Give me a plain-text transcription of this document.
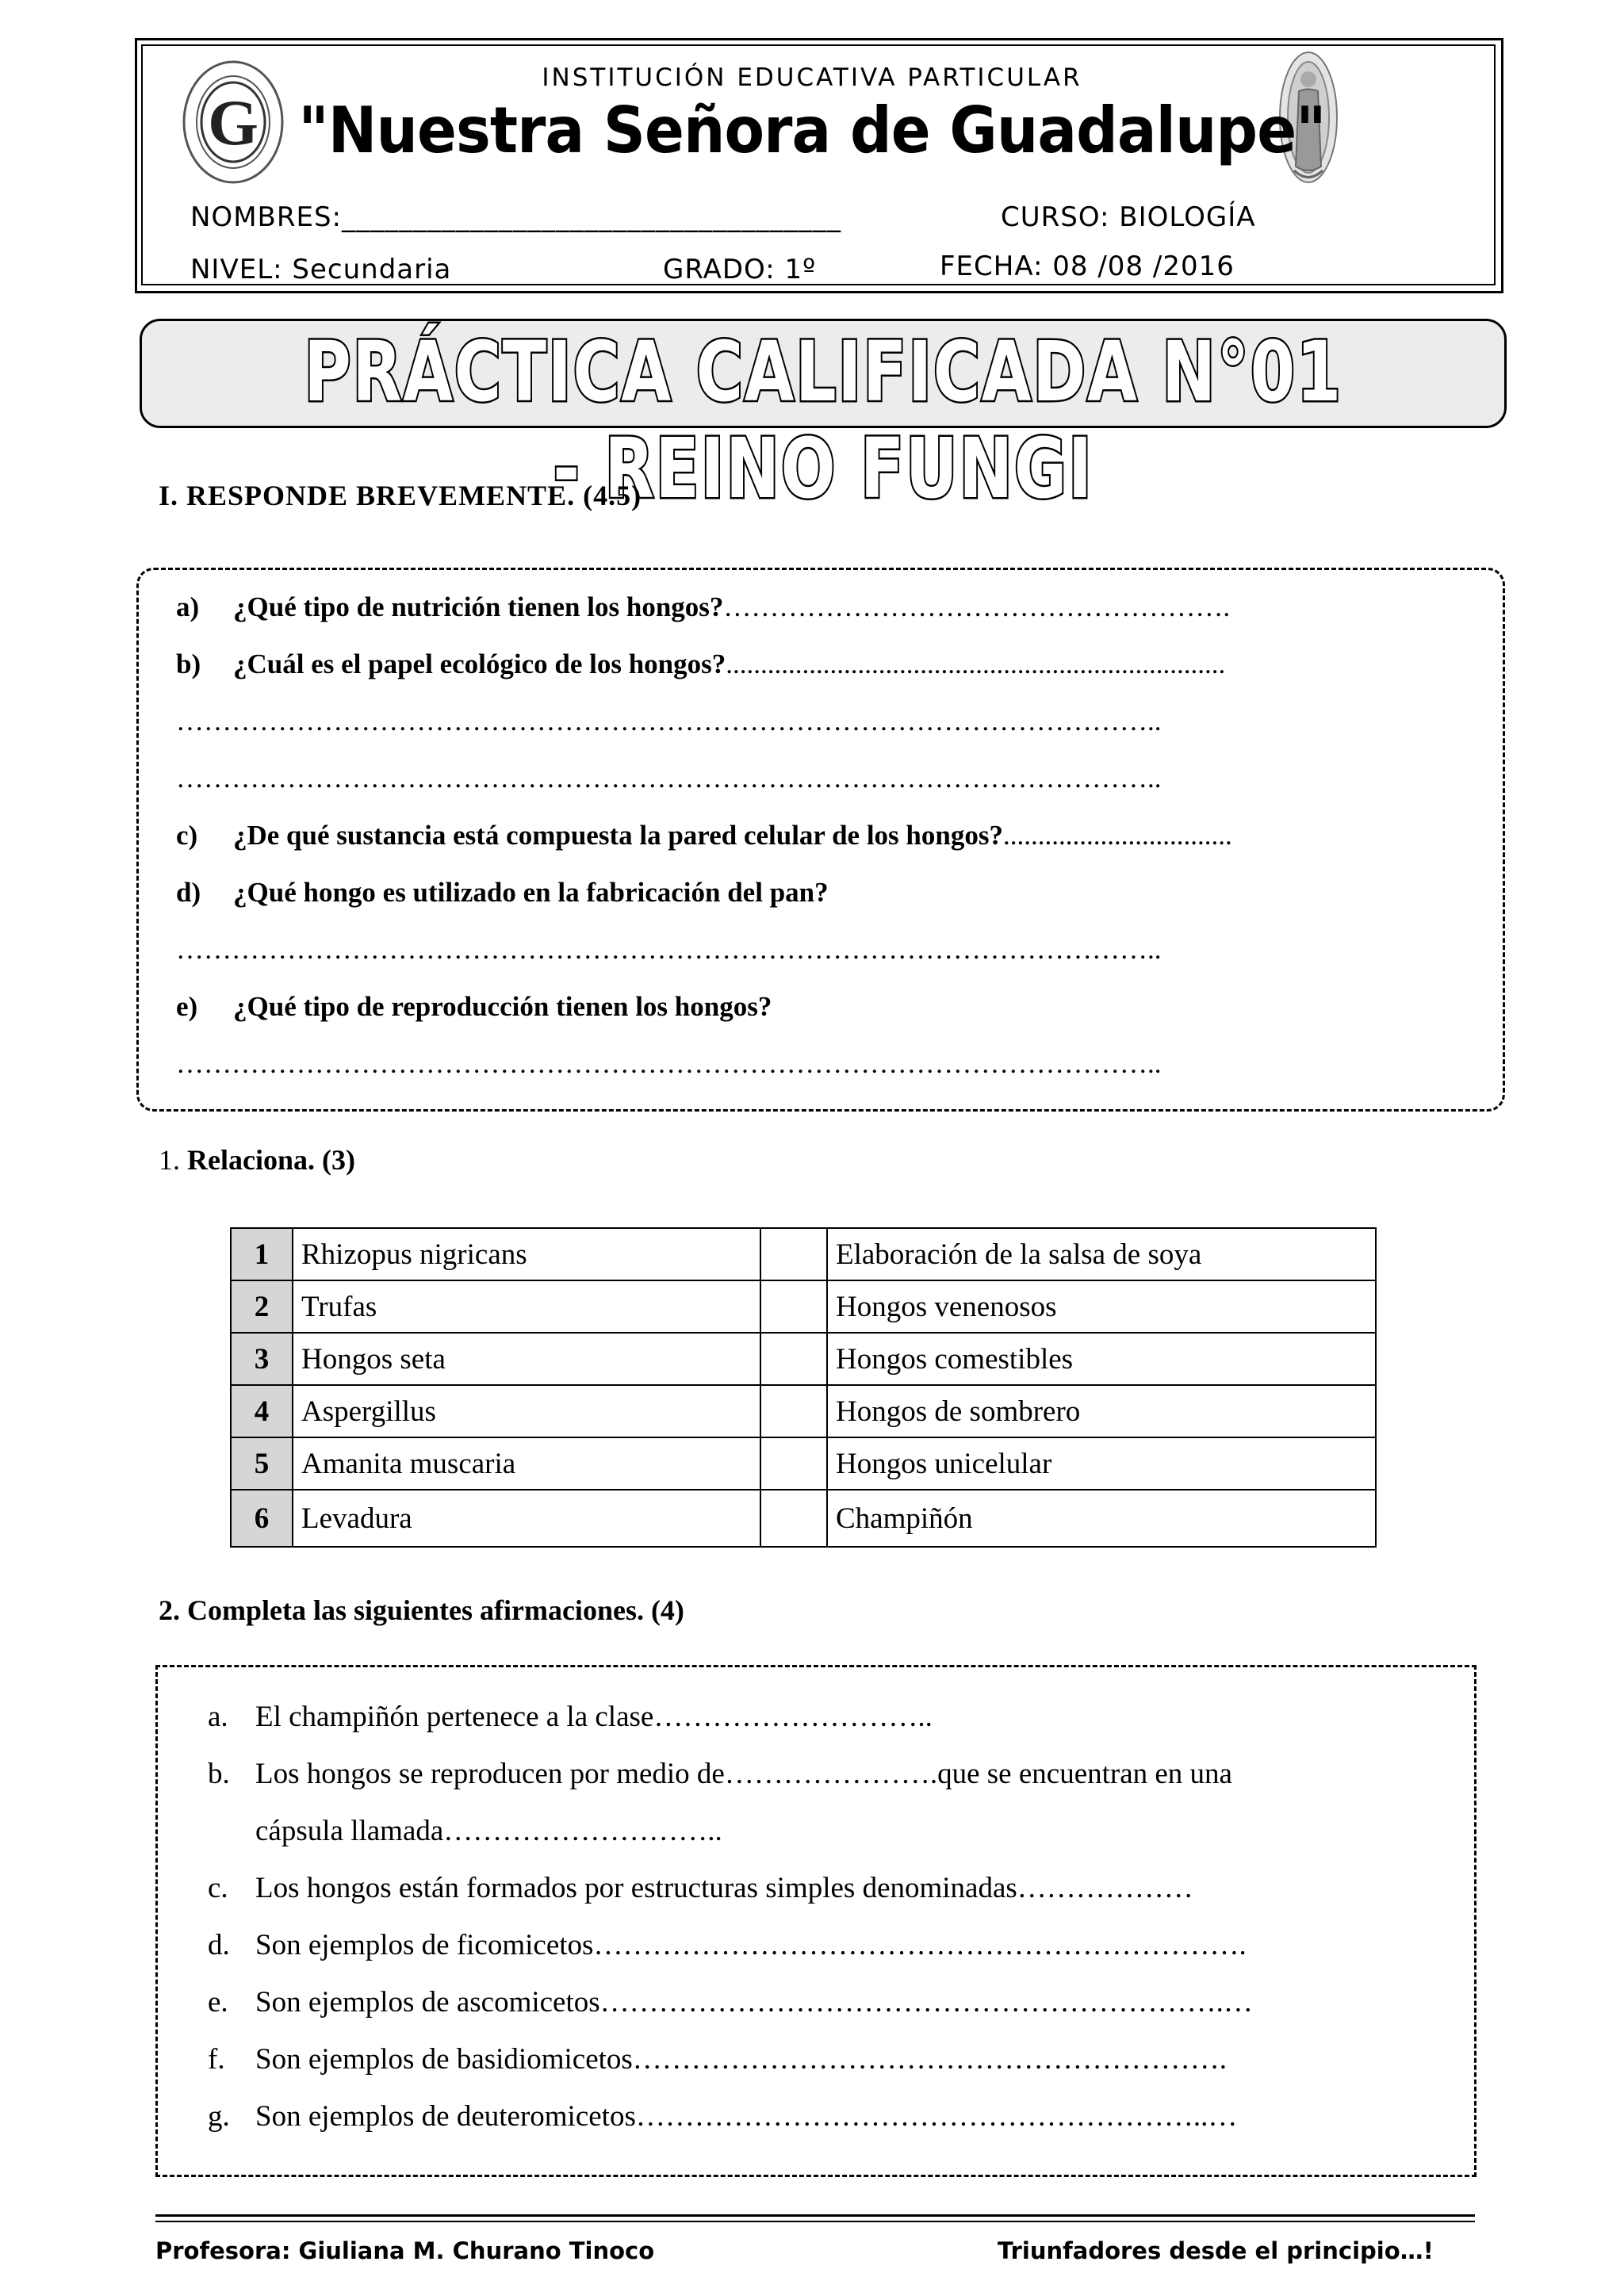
G
INSTITUCIÓN EDUCATIVA PARTICULAR
"Nuestra Señora de Guadalupe"
NOMBRES:___________________________________	CURSO: BIOLOGÍA
NIVEL: Secundaria	GRADO: 1º	FECHA: 08 /08 /2016
PRÁCTICA CALIFICADA N°01 - REINO FUNGI
I. RESPONDE BREVEMENTE. (4.5)
a) ¿Qué tipo de nutrición tienen los hongos?……………………………………………….
b) ¿Cuál es el papel ecológico de los hongos?........................................................................
……………………………………………………………………………………………..
……………………………………………………………………………………………..
c) ¿De qué sustancia está compuesta la pared celular de los hongos?.................................
d) ¿Qué hongo es utilizado en la fabricación del pan?
……………………………………………………………………………………………..
e) ¿Qué tipo de reproducción tienen los hongos?
……………………………………………………………………………………………..
1. Relaciona. (3)
1	Rhizopus nigricans		Elaboración de la salsa de soya
2	Trufas		Hongos venenosos
3	Hongos seta		Hongos comestibles
4	Aspergillus		Hongos de sombrero
5	Amanita muscaria		Hongos unicelular
6	Levadura		Champiñón
2. Completa las siguientes afirmaciones. (4)
a. El champiñón pertenece a la clase………………………..
b. Los hongos se reproducen por medio de………………….que se encuentran en una
cápsula llamada………………………..
c. Los hongos están formados por estructuras simples denominadas………………
d. Son ejemplos de ficomicetos………………………………………………………….
e. Son ejemplos de ascomicetos……………………………………………………….…
f. Son ejemplos de basidiomicetos…………………………………………………….
g. Son ejemplos de deuteromicetos…………………………………………………..…
Profesora: Giuliana M. Churano Tinoco	Triunfadores desde el principio…!
